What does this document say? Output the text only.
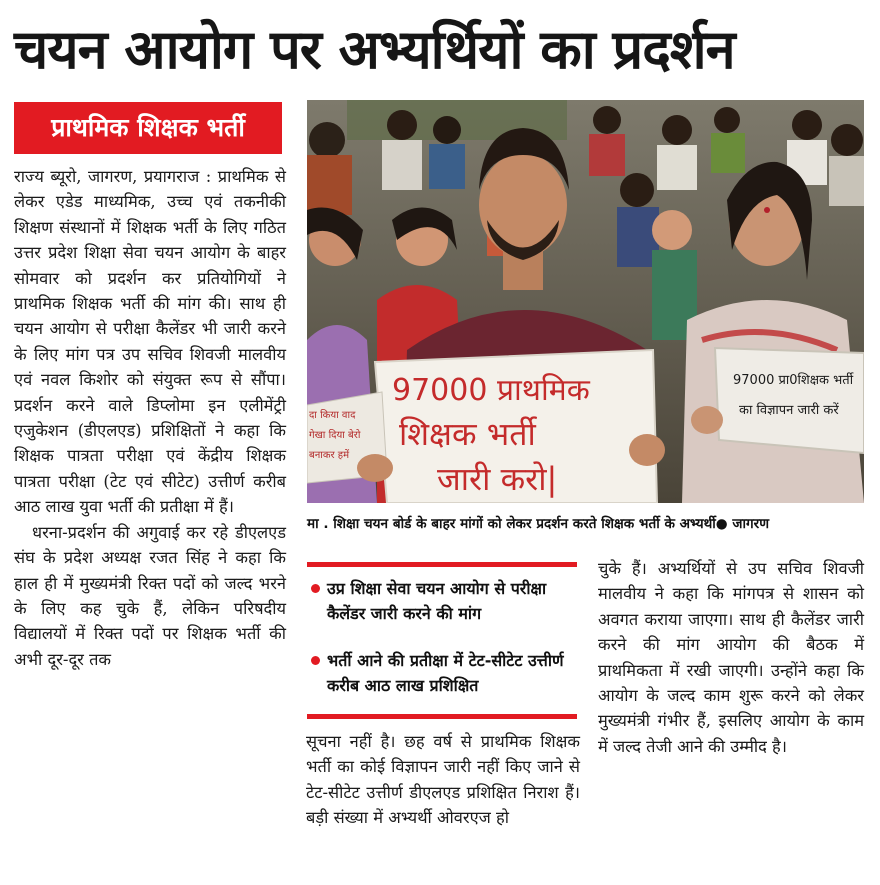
चयन आयोग पर अभ्यर्थियों का प्रदर्शन
प्राथमिक शिक्षक भर्ती

राज्य ब्यूरो, जागरण, प्रयागराज : प्राथमिक से लेकर एडेड माध्यमिक, उच्च एवं तकनीकी शिक्षण संस्थानों में शिक्षक भर्ती के लिए गठित उत्तर प्रदेश शिक्षा सेवा चयन आयोग के बाहर सोमवार को प्रदर्शन कर प्रतियोगियों ने प्राथमिक शिक्षक भर्ती की मांग की। साथ ही चयन आयोग से परीक्षा कैलेंडर भी जारी करने के लिए मांग पत्र उप सचिव शिवजी मालवीय एवं नवल किशोर को संयुक्त रूप से सौंपा। प्रदर्शन करने वाले डिप्लोमा इन एलीमेंट्री एजुकेशन (डीएलएड) प्रशिक्षितों ने कहा कि शिक्षक पात्रता परीक्षा एवं केंद्रीय शिक्षक पात्रता परीक्षा (टेट एवं सीटेट) उत्तीर्ण करीब आठ लाख युवा भर्ती की प्रतीक्षा में हैं।

धरना-प्रदर्शन की अगुवाई कर रहे डीएलएड संघ के प्रदेश अध्यक्ष रजत सिंह ने कहा कि हाल ही में मुख्यमंत्री रिक्त पदों को जल्द भरने के लिए कह चुके हैं, लेकिन परिषदीय विद्यालयों में रिक्त पदों पर शिक्षक भर्ती की अभी दूर-दूर तक

97000 प्राथमिक
शिक्षक भर्ती
जारी करो|
97000 प्रा0शिक्षक भर्ती
का विज्ञापन जारी करें
दा किया वाद
गेखा दिया बेरो
बनाकर हमें
मा . शिक्षा चयन बोर्ड के बाहर मांगों को लेकर प्रदर्शन करते शिक्षक भर्ती के अभ्यर्थी● जागरण
उप्र शिक्षा सेवा चयन आयोग से परीक्षा कैलेंडर जारी करने की मांग
भर्ती आने की प्रतीक्षा में टेट-सीटेट उत्तीर्ण करीब आठ लाख प्रशिक्षित

सूचना नहीं है। छह वर्ष से प्राथमिक शिक्षक भर्ती का कोई विज्ञापन जारी नहीं किए जाने से टेट-सीटेट उत्तीर्ण डीएलएड प्रशिक्षित निराश हैं। बड़ी संख्या में अभ्यर्थी ओवरएज हो

चुके हैं। अभ्यर्थियों से उप सचिव शिवजी मालवीय ने कहा कि मांगपत्र से शासन को अवगत कराया जाएगा। साथ ही कैलेंडर जारी करने की मांग आयोग की बैठक में प्राथमिकता में रखी जाएगी। उन्होंने कहा कि आयोग के जल्द काम शुरू करने को लेकर मुख्यमंत्री गंभीर हैं, इसलिए आयोग के काम में जल्द तेजी आने की उम्मीद है।
